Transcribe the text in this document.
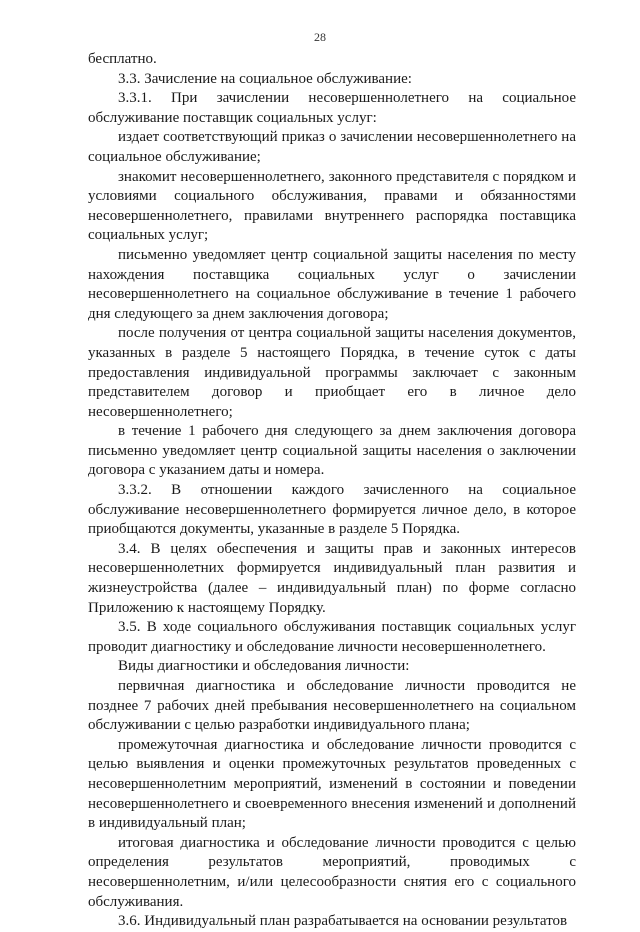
28

бесплатно.

3.3. Зачисление на социальное обслуживание:

3.3.1. При зачислении несовершеннолетнего на социальное обслуживание поставщик социальных услуг:

издает соответствующий приказ о зачислении несовершеннолетнего на социальное обслуживание;

знакомит несовершеннолетнего, законного представителя с порядком и условиями социального обслуживания, правами и обязанностями несовершеннолетнего, правилами внутреннего распорядка поставщика социальных услуг;

письменно уведомляет центр социальной защиты населения по месту нахождения поставщика социальных услуг о зачислении несовершеннолетнего на социальное обслуживание в течение 1 рабочего дня следующего за днем заключения договора;

после получения от центра социальной защиты населения документов, указанных в разделе 5 настоящего Порядка, в течение суток с даты предоставления индивидуальной программы заключает с законным представителем договор и приобщает его в личное дело несовершеннолетнего;

в течение 1 рабочего дня следующего за днем заключения договора письменно уведомляет центр социальной защиты населения о заключении договора с указанием даты и номера.

3.3.2. В отношении каждого зачисленного на социальное обслуживание несовершеннолетнего формируется личное дело, в которое приобщаются документы, указанные в разделе 5 Порядка.

3.4. В целях обеспечения и защиты прав и законных интересов несовершеннолетних формируется индивидуальный план развития и жизнеустройства (далее – индивидуальный план) по форме согласно Приложению к настоящему Порядку.

3.5. В ходе социального обслуживания поставщик социальных услуг проводит диагностику и обследование личности несовершеннолетнего.

Виды диагностики и обследования личности:

первичная диагностика и обследование личности проводится не позднее 7 рабочих дней пребывания несовершеннолетнего на социальном обслуживании с целью разработки индивидуального плана;

промежуточная диагностика и обследование личности проводится с целью выявления и оценки промежуточных результатов проведенных с несовершеннолетним мероприятий, изменений в состоянии и поведении несовершеннолетнего и своевременного внесения изменений и дополнений в индивидуальный план;

итоговая диагностика и обследование личности проводится с целью определения результатов мероприятий, проводимых с несовершеннолетним, и/или целесообразности снятия его с социального обслуживания.

3.6. Индивидуальный план разрабатывается на основании результатов
